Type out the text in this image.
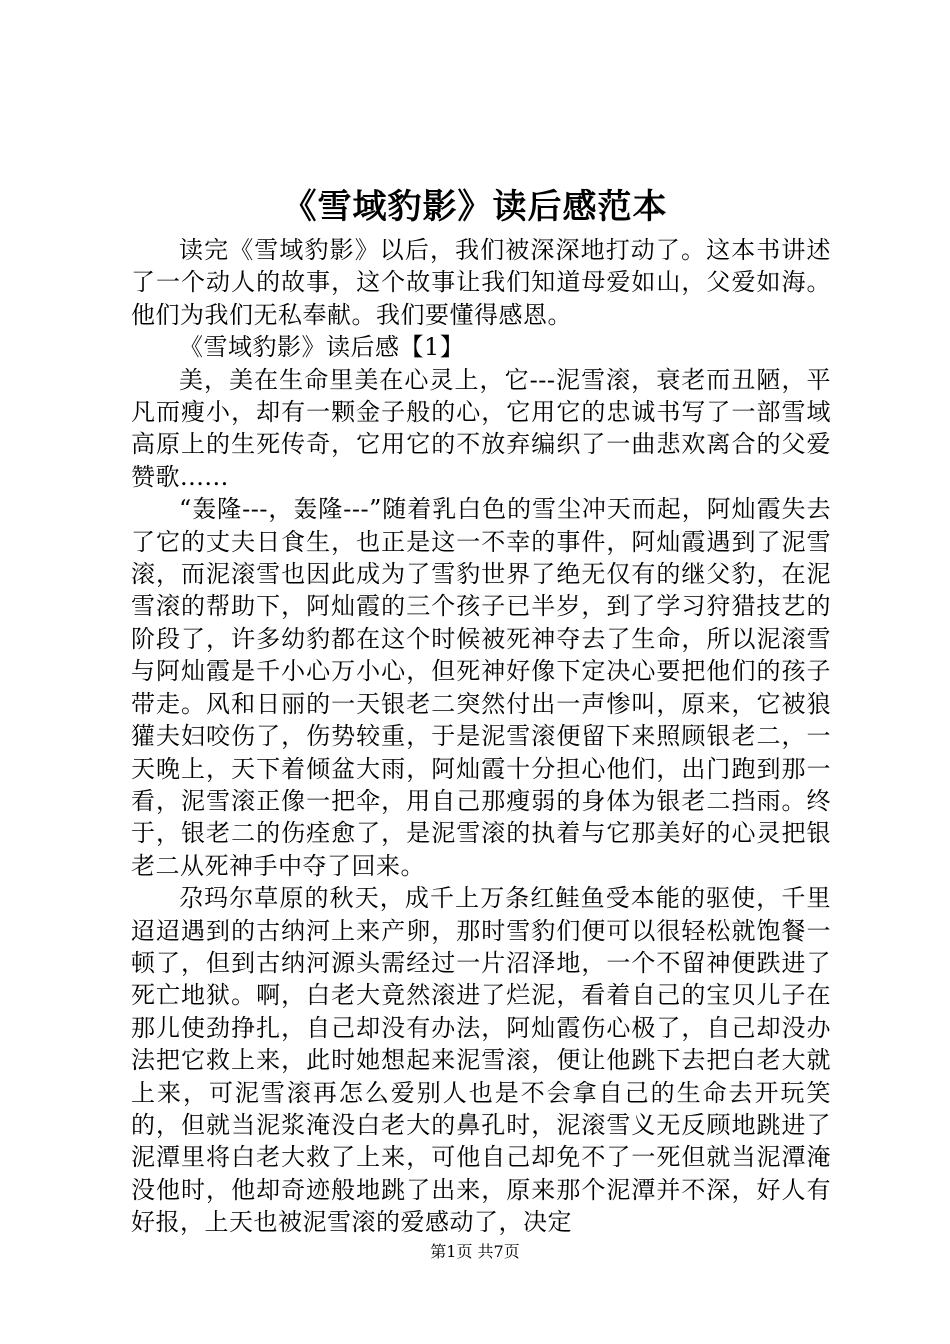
《雪域豹影》读后感范本

读完《雪域豹影》以后，我们被深深地打动了。这本书讲述了一个动人的故事，这个故事让我们知道母爱如山，父爱如海。他们为我们无私奉献。我们要懂得感恩。

《雪域豹影》读后感【1】

美，美在生命里美在心灵上，它---泥雪滚，衰老而丑陋，平凡而瘦小，却有一颗金子般的心，它用它的忠诚书写了一部雪域高原上的生死传奇，它用它的不放弃编织了一曲悲欢离合的父爱赞歌......

“轰隆---，轰隆---”随着乳白色的雪尘冲天而起，阿灿霞失去了它的丈夫日食生，也正是这一不幸的事件，阿灿霞遇到了泥雪滚，而泥滚雪也因此成为了雪豹世界了绝无仅有的继父豹，在泥雪滚的帮助下，阿灿霞的三个孩子已半岁，到了学习狩猎技艺的阶段了，许多幼豹都在这个时候被死神夺去了生命，所以泥滚雪与阿灿霞是千小心万小心，但死神好像下定决心要把他们的孩子带走。风和日丽的一天银老二突然付出一声惨叫，原来，它被狼獾夫妇咬伤了，伤势较重，于是泥雪滚便留下来照顾银老二，一天晚上，天下着倾盆大雨，阿灿霞十分担心他们，出门跑到那一看，泥雪滚正像一把伞，用自己那瘦弱的身体为银老二挡雨。终于，银老二的伤痊愈了，是泥雪滚的执着与它那美好的心灵把银老二从死神手中夺了回来。

尕玛尔草原的秋天，成千上万条红鲑鱼受本能的驱使，千里迢迢遇到的古纳河上来产卵，那时雪豹们便可以很轻松就饱餐一顿了，但到古纳河源头需经过一片沼泽地，一个不留神便跌进了死亡地狱。啊，白老大竟然滚进了烂泥，看着自己的宝贝儿子在那儿使劲挣扎，自己却没有办法，阿灿霞伤心极了，自己却没办法把它救上来，此时她想起来泥雪滚，便让他跳下去把白老大就上来，可泥雪滚再怎么爱别人也是不会拿自己的生命去开玩笑的，但就当泥浆淹没白老大的鼻孔时，泥滚雪义无反顾地跳进了泥潭里将白老大救了上来，可他自己却免不了一死但就当泥潭淹没他时，他却奇迹般地跳了出来，原来那个泥潭并不深，好人有好报，上天也被泥雪滚的爱感动了，决定

第1页 共7页
